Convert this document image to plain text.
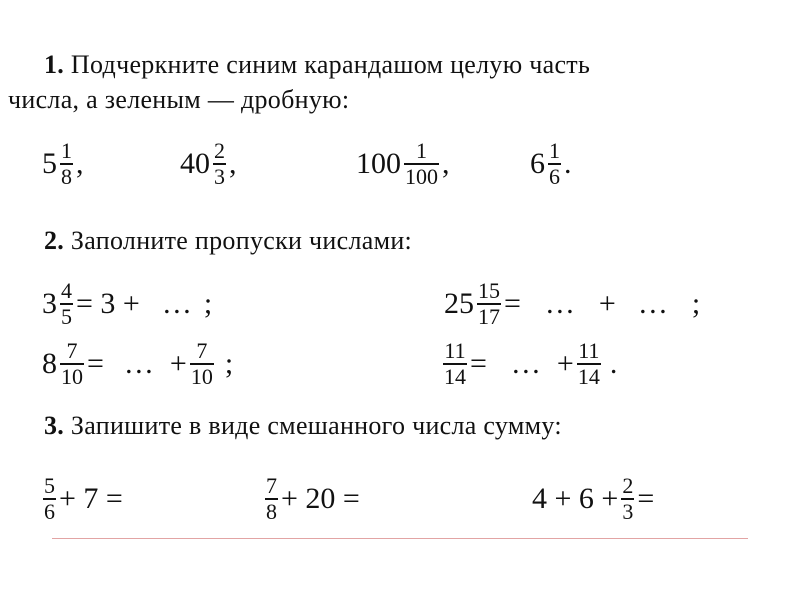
1. Подчеркните синим карандашом целую часть
числа, а зеленым — дробную:
$5 \frac{1}{8}$ ,	$40 \frac{2}{3}$ ,	$100 \frac{1}{100}$ ,	$6 \frac{1}{6}$ .
2. Заполните пропуски числами:
$3 \frac{4}{5} = 3$ + … ;	$25 \frac{15}{17}$ = … + … ;
$8 \frac{7}{10}$ = … + $\frac{7}{10}$ ;	$\frac{11}{14}$ = … + $\frac{11}{14}$ .
3. Запишите в виде смешанного числа сумму:
$\frac{5}{6} + 7$ =	$\frac{7}{8} + 20$ =	$4 + 6 + \frac{2}{3}$ =
